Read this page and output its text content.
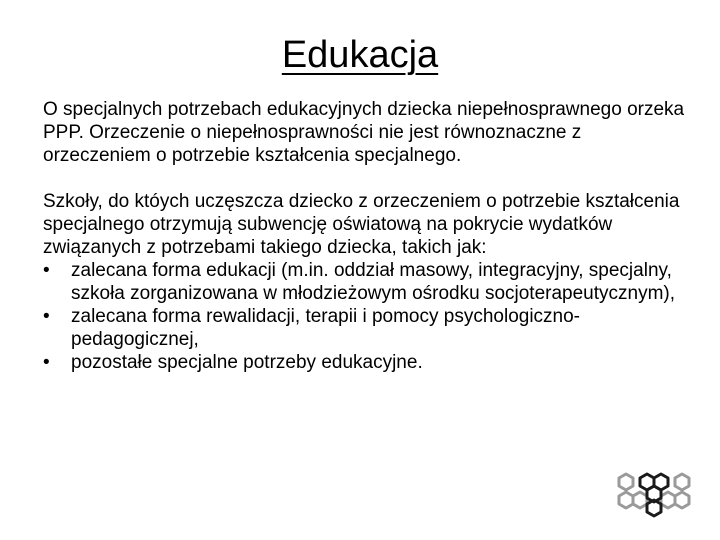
Edukacja

O specjalnych potrzebach edukacyjnych dziecka niepełnosprawnego orzeka PPP. Orzeczenie o niepełnosprawności nie jest równoznaczne z orzeczeniem o potrzebie kształcenia specjalnego.

Szkoły, do któych uczęszcza dziecko z orzeczeniem o potrzebie kształcenia specjalnego otrzymują subwencję oświatową na pokrycie wydatków związanych z potrzebami takiego dziecka, takich jak:
• zalecana forma edukacji (m.in. oddział masowy, integracyjny, specjalny, szkoła zorganizowana w młodzieżowym ośrodku socjoterapeutycznym),
• zalecana forma rewalidacji, terapii i pomocy psychologiczno-pedagogicznej,
• pozostałe specjalne potrzeby edukacyjne.
